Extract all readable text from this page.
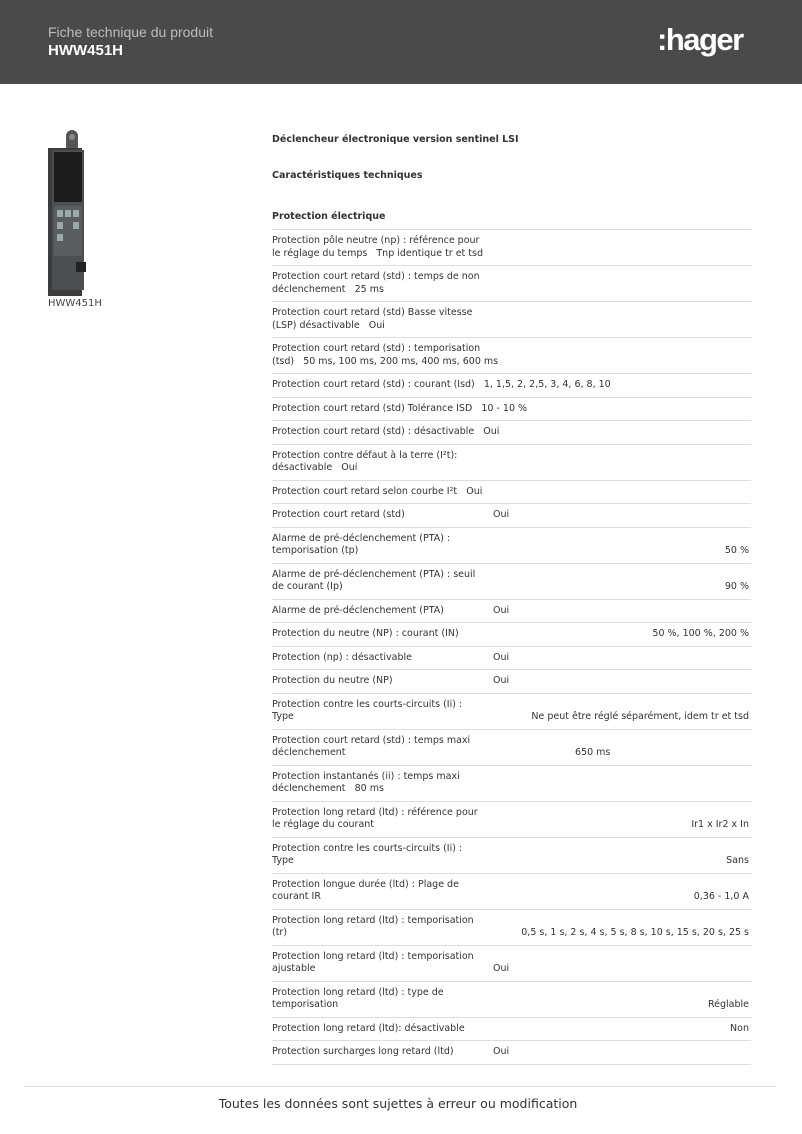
Fiche technique du produit
HWW451H	:hager
HWW451H
Déclencheur électronique version sentinel LSI
Caractéristiques techniques
Protection électrique
Protection pôle neutre (np) : référence pour
le réglage du temps Tnp identique tr et tsd
Protection court retard (std) : temps de non
déclenchement 25 ms
Protection court retard (std) Basse vitesse
(LSP) désactivable Oui
Protection court retard (std) : temporisation
(tsd) 50 ms, 100 ms, 200 ms, 400 ms, 600 ms
Protection court retard (std) : courant (Isd) 1, 1,5, 2, 2,5, 3, 4, 6, 8, 10
Protection court retard (std) Tolérance ISD 10 - 10 %
Protection court retard (std) : désactivable Oui
Protection contre défaut à la terre (I²t):
désactivable Oui
Protection court retard selon courbe I²t Oui
Protection court retard (std)	Oui
Alarme de pré-déclenchement (PTA) :
temporisation (tp)	50 %
Alarme de pré-déclenchement (PTA) : seuil
de courant (Ip)	90 %
Alarme de pré-déclenchement (PTA)	Oui
Protection du neutre (NP) : courant (IN)	50 %, 100 %, 200 %
Protection (np) : désactivable	Oui
Protection du neutre (NP)	Oui
Protection contre les courts-circuits (Ii) :
Type	Ne peut être réglé séparément, idem tr et tsd
Protection court retard (std) : temps maxi
déclenchement	650 ms
Protection instantanés (ii) : temps maxi
déclenchement 80 ms
Protection long retard (ltd) : référence pour
le réglage du courant	Ir1 x Ir2 x In
Protection contre les courts-circuits (Ii) :
Type	Sans
Protection longue durée (ltd) : Plage de
courant IR	0,36 - 1,0 A
Protection long retard (ltd) : temporisation
(tr)	0,5 s, 1 s, 2 s, 4 s, 5 s, 8 s, 10 s, 15 s, 20 s, 25 s
Protection long retard (ltd) : temporisation
ajustable	Oui
Protection long retard (ltd) : type de
temporisation	Réglable
Protection long retard (ltd): désactivable	Non
Protection surcharges long retard (ltd)	Oui
Toutes les données sont sujettes à erreur ou modification
